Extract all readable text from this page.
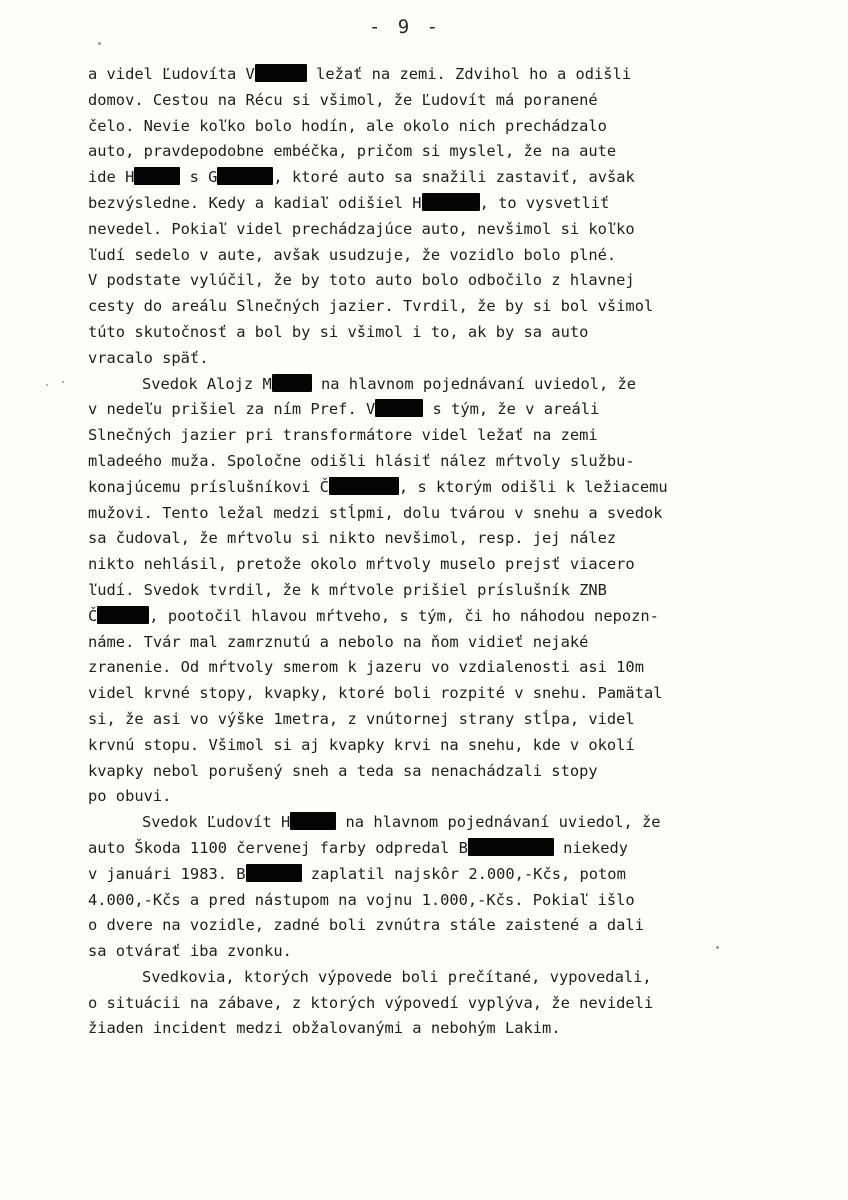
- 9 -
a videl Ľudovíta V	ležať na zemi. Zdvihol ho a odišli
domov. Cestou na Récu si všimol, že Ľudovít má poranené
čelo. Nevie koľko bolo hodín, ale okolo nich prechádzalo
auto, pravdepodobne embéčka, pričom si myslel, že na aute
ide H	s G	, ktoré auto sa snažili zastaviť, avšak
bezvýsledne. Kedy a kadiaľ odišiel H	, to vysvetliť
nevedel. Pokiaľ videl prechádzajúce auto, nevšimol si koľko
ľudí sedelo v aute, avšak usudzuje, že vozidlo bolo plné.
V podstate vylúčil, že by toto auto bolo odbočilo z hlavnej
cesty do areálu Slnečných jazier. Tvrdil, že by si bol všimol
túto skutočnosť a bol by si všimol i to, ak by sa auto
vracalo späť.
Svedok Alojz M	na hlavnom pojednávaní uviedol, že
v nedeľu prišiel za ním Pref. V	s tým, že v areáli
Slnečných jazier pri transformátore videl ležať na zemi
mladeého muža. Spoločne odišli hlásiť nález mŕtvoly službu-
konajúcemu príslušníkovi Č	, s ktorým odišli k ležiacemu
mužovi. Tento ležal medzi stĺpmi, dolu tvárou v snehu a svedok
sa čudoval, že mŕtvolu si nikto nevšimol, resp. jej nález
nikto nehlásil, pretože okolo mŕtvoly muselo prejsť viacero
ľudí. Svedok tvrdil, že k mŕtvole prišiel príslušník ZNB
Č	, pootočil hlavou mŕtveho, s tým, či ho náhodou nepozn-
náme. Tvár mal zamrznutú a nebolo na ňom vidieť nejaké
zranenie. Od mŕtvoly smerom k jazeru vo vzdialenosti asi 10m
videl krvné stopy, kvapky, ktoré boli rozpité v snehu. Pamätal
si, že asi vo výške 1metra, z vnútornej strany stĺpa, videl
krvnú stopu. Všimol si aj kvapky krvi na snehu, kde v okolí
kvapky nebol porušený sneh a teda sa nenachádzali stopy
po obuvi.
Svedok Ľudovít H	na hlavnom pojednávaní uviedol, že
auto Škoda 1100 červenej farby odpredal B	niekedy
v januári 1983. B	zaplatil najskôr 2.000,-Kčs, potom
4.000,-Kčs a pred nástupom na vojnu 1.000,-Kčs. Pokiaľ išlo
o dvere na vozidle, zadné boli zvnútra stále zaistené a dali
sa otvárať iba zvonku.
Svedkovia, ktorých výpovede boli prečítané, vypovedali,
o situácii na zábave, z ktorých výpovedí vyplýva, že nevideli
žiaden incident medzi obžalovanými a nebohým Lakim.
